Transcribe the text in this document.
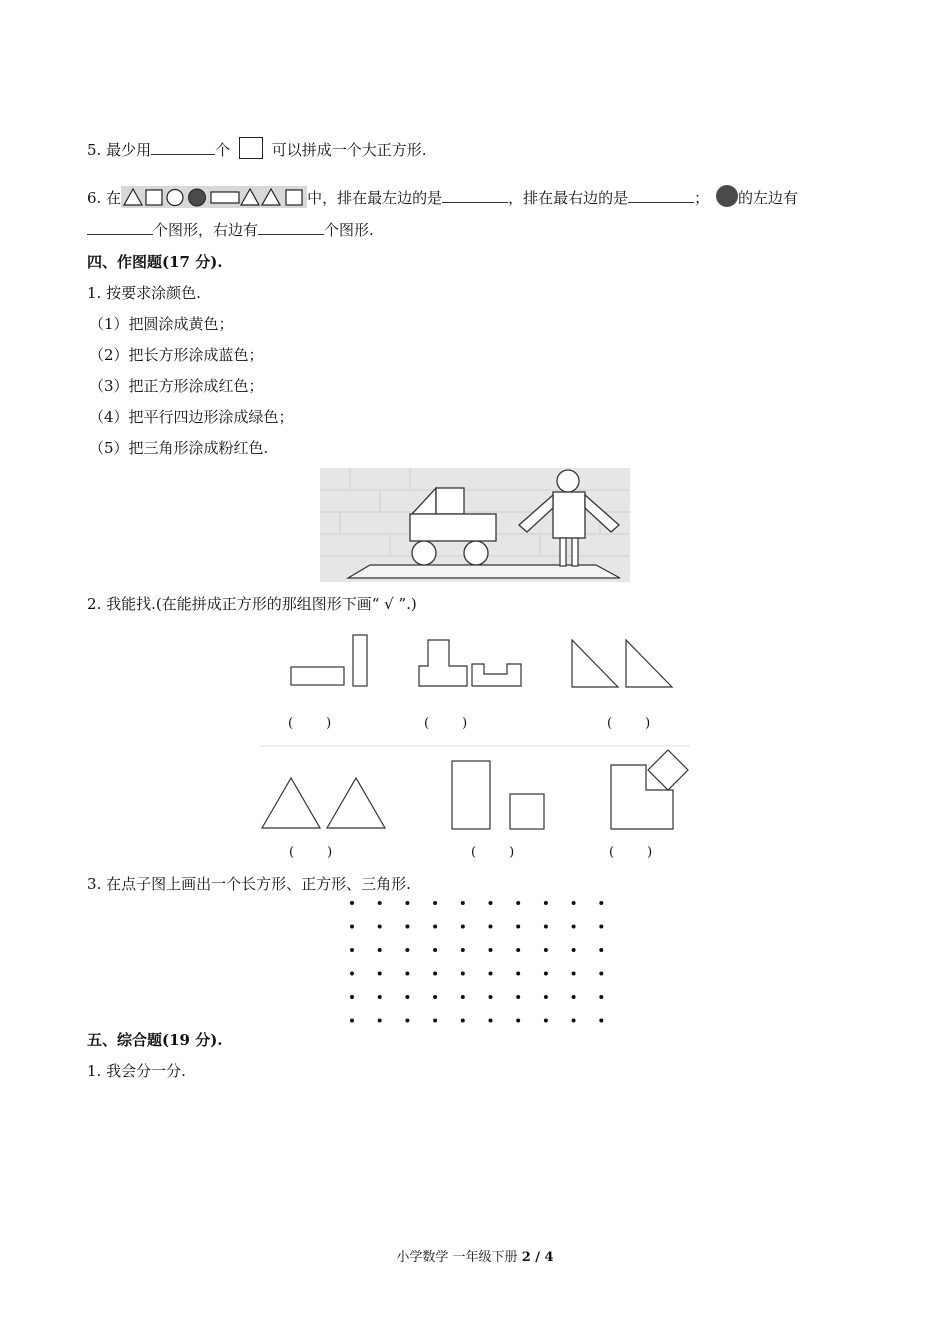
5. 最少用	个	可以拼成一个大正方形.
6. 在	中，排在最左边的是	，排在最右边的是	； 的左边有
个图形，右边有	个图形.
四、作图题(17 分).
1. 按要求涂颜色.
（1）把圆涂成黄色；
（2）把长方形涂成蓝色；
（3）把正方形涂成红色；
（4）把平行四边形涂成绿色；
（5）把三角形涂成粉红色.
2. 我能找.(在能拼成正方形的那组图形下画“ √ ”.)
(        )	(        )	(        )
(        )	(        )	(        )
3. 在点子图上画出一个长方形、正方形、三角形.
五、综合题(19 分).
1. 我会分一分.
小学数学 一年级下册 2 / 4
